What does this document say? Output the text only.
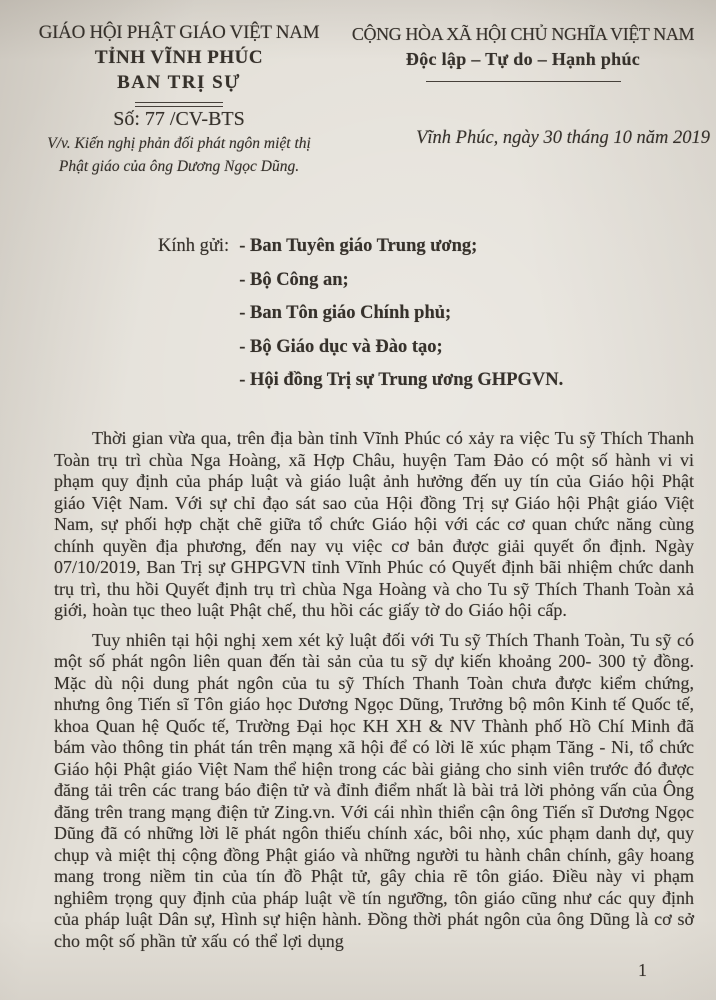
GIÁO HỘI PHẬT GIÁO VIỆT NAM
TỈNH VĨNH PHÚC
BAN TRỊ SỰ
CỘNG HÒA XÃ HỘI CHỦ NGHĨA VIỆT NAM
Độc lập – Tự do – Hạnh phúc
Số: 77 /CV-BTS
V/v. Kiến nghị phản đối phát ngôn miệt thị
Phật giáo của ông Dương Ngọc Dũng.
Vĩnh Phúc, ngày 30 tháng 10 năm 2019
Kính gửi: - Ban Tuyên giáo Trung ương;
- Bộ Công an;
- Ban Tôn giáo Chính phủ;
- Bộ Giáo dục và Đào tạo;
- Hội đồng Trị sự Trung ương GHPGVN.

Thời gian vừa qua, trên địa bàn tỉnh Vĩnh Phúc có xảy ra việc Tu sỹ Thích Thanh Toàn trụ trì chùa Nga Hoàng, xã Hợp Châu, huyện Tam Đảo có một số hành vi vi phạm quy định của pháp luật và giáo luật ảnh hưởng đến uy tín của Giáo hội Phật giáo Việt Nam. Với sự chỉ đạo sát sao của Hội đồng Trị sự Giáo hội Phật giáo Việt Nam, sự phối hợp chặt chẽ giữa tổ chức Giáo hội với các cơ quan chức năng cùng chính quyền địa phương, đến nay vụ việc cơ bản được giải quyết ổn định. Ngày 07/10/2019, Ban Trị sự GHPGVN tỉnh Vĩnh Phúc có Quyết định bãi nhiệm chức danh trụ trì, thu hồi Quyết định trụ trì chùa Nga Hoàng và cho Tu sỹ Thích Thanh Toàn xả giới, hoàn tục theo luật Phật chế, thu hồi các giấy tờ do Giáo hội cấp.

Tuy nhiên tại hội nghị xem xét kỷ luật đối với Tu sỹ Thích Thanh Toàn, Tu sỹ có một số phát ngôn liên quan đến tài sản của tu sỹ dự kiến khoảng 200- 300 tỷ đồng. Mặc dù nội dung phát ngôn của tu sỹ Thích Thanh Toàn chưa được kiểm chứng, nhưng ông Tiến sĩ Tôn giáo học Dương Ngọc Dũng, Trưởng bộ môn Kinh tế Quốc tế, khoa Quan hệ Quốc tế, Trường Đại học KH XH & NV Thành phố Hồ Chí Minh đã bám vào thông tin phát tán trên mạng xã hội để có lời lẽ xúc phạm Tăng - Ni, tổ chức Giáo hội Phật giáo Việt Nam thể hiện trong các bài giảng cho sinh viên trước đó được đăng tải trên các trang báo điện tử và đỉnh điểm nhất là bài trả lời phỏng vấn của Ông đăng trên trang mạng điện tử Zing.vn. Với cái nhìn thiển cận ông Tiến sĩ Dương Ngọc Dũng đã có những lời lẽ phát ngôn thiếu chính xác, bôi nhọ, xúc phạm danh dự, quy chụp và miệt thị cộng đồng Phật giáo và những người tu hành chân chính, gây hoang mang trong niềm tin của tín đồ Phật tử, gây chia rẽ tôn giáo. Điều này vi phạm nghiêm trọng quy định của pháp luật về tín ngưỡng, tôn giáo cũng như các quy định của pháp luật Dân sự, Hình sự hiện hành. Đồng thời phát ngôn của ông Dũng là cơ sở cho một số phần tử xấu có thể lợi dụng

1
